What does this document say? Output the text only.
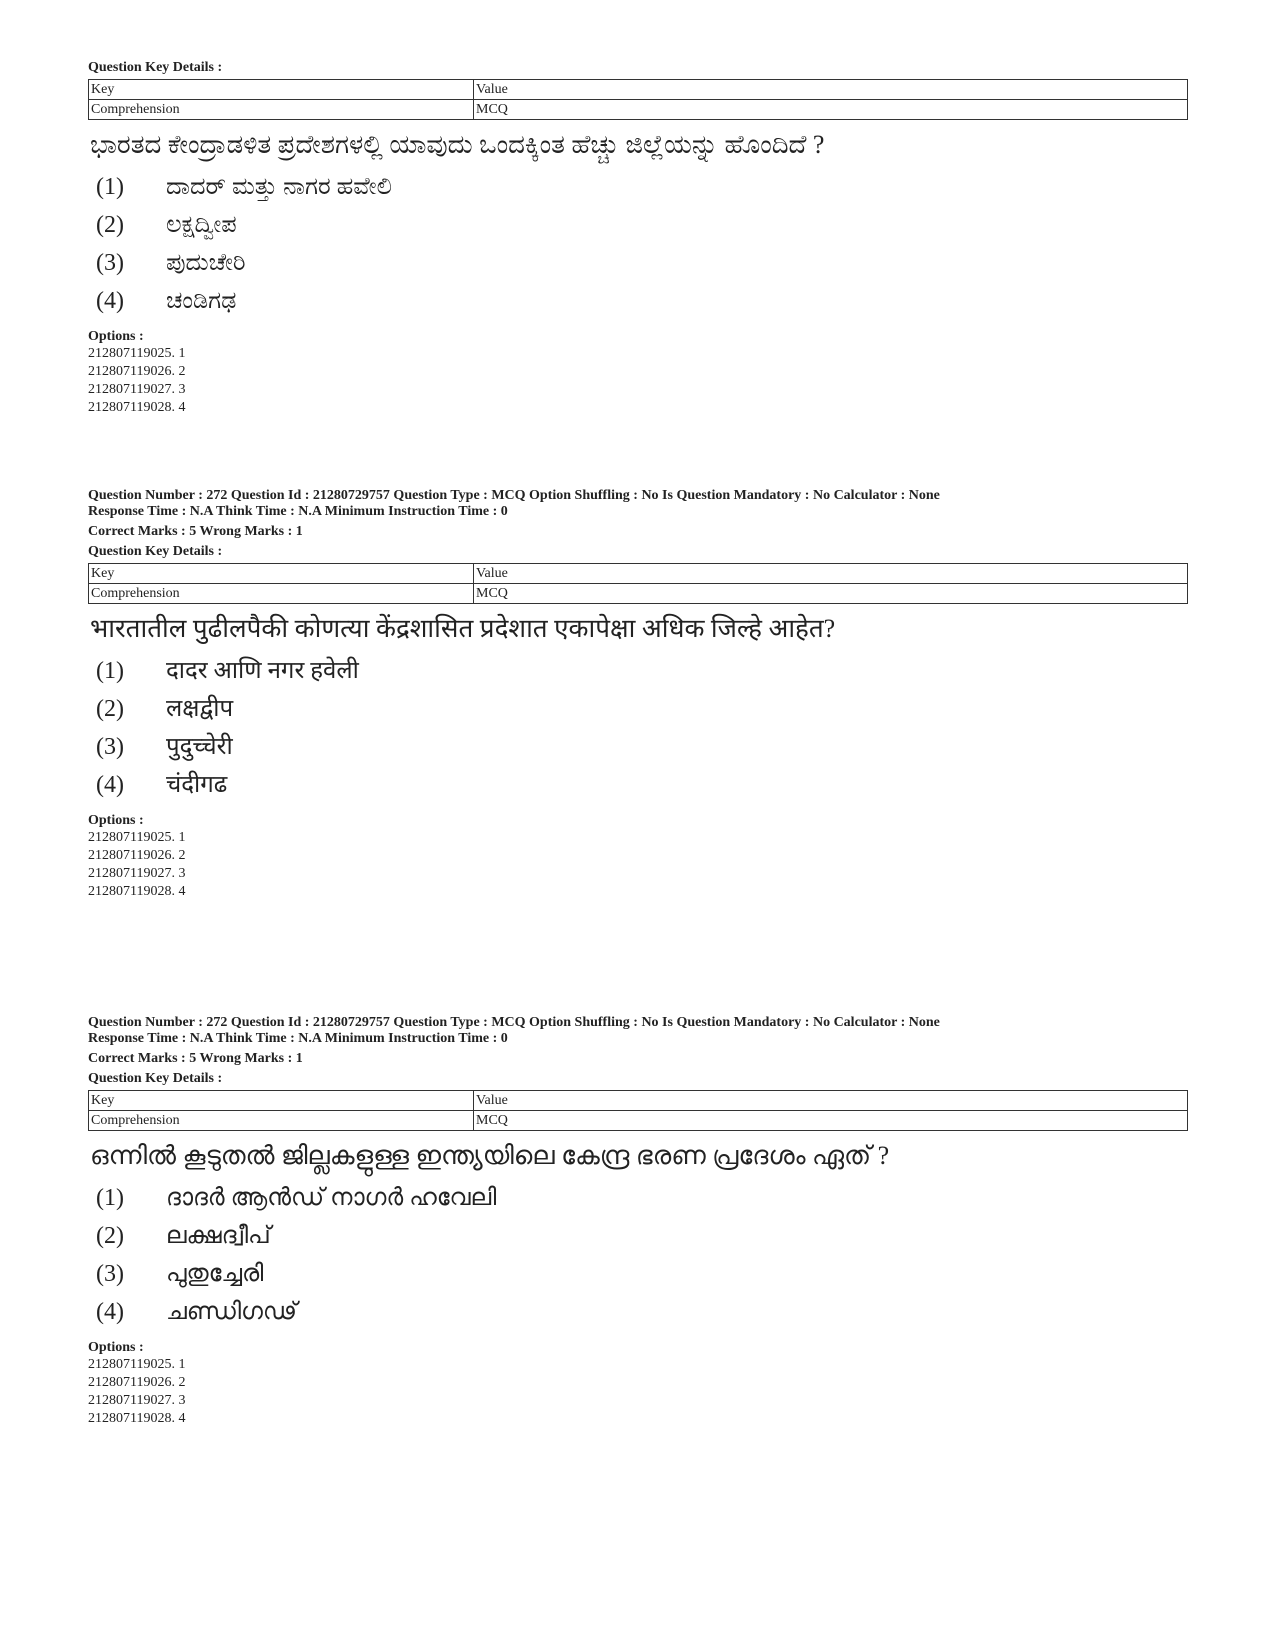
Question Key Details :

Key	Value
Comprehension	MCQ
ಭಾರತದ ಕೇಂದ್ರಾಡಳಿತ ಪ್ರದೇಶಗಳಲ್ಲಿ ಯಾವುದು ಒಂದಕ್ಕಿಂತ ಹೆಚ್ಚು ಜಿಲ್ಲೆಯನ್ನು ಹೊಂದಿದೆ ?
(1)	ದಾದರ್ ಮತ್ತು ನಾಗರ ಹವೇಲಿ
(2)	ಲಕ್ಷದ್ವೀಪ
(3)	ಪುದುಚೇರಿ
(4)	ಚಂಡಿಗಢ
Options :
212807119025. 1
212807119026. 2
212807119027. 3
212807119028. 4

Question Number : 272 Question Id : 21280729757 Question Type : MCQ Option Shuffling : No Is Question Mandatory : No Calculator : None

Response Time : N.A Think Time : N.A Minimum Instruction Time : 0

Correct Marks : 5 Wrong Marks : 1

Question Key Details :

Key	Value
Comprehension	MCQ
भारतातील पुढीलपैकी कोणत्या केंद्रशासित प्रदेशात एकापेक्षा अधिक जिल्हे आहेत?
(1)	दादर आणि नगर हवेली
(2)	लक्षद्वीप
(3)	पुदुच्चेरी
(4)	चंदीगढ
Options :
212807119025. 1
212807119026. 2
212807119027. 3
212807119028. 4

Question Number : 272 Question Id : 21280729757 Question Type : MCQ Option Shuffling : No Is Question Mandatory : No Calculator : None

Response Time : N.A Think Time : N.A Minimum Instruction Time : 0

Correct Marks : 5 Wrong Marks : 1

Question Key Details :

Key	Value
Comprehension	MCQ
ഒന്നിൽ കൂടുതൽ ജില്ലകളുള്ള ഇന്ത്യയിലെ കേന്ദ്ര ഭരണ പ്രദേശം ഏത് ?
(1)	ദാദർ ആൻഡ് നാഗർ ഹവേലി
(2)	ലക്ഷദ്വീപ്
(3)	പുതുച്ചേരി
(4)	ചണ്ഡിഗഢ്
Options :
212807119025. 1
212807119026. 2
212807119027. 3
212807119028. 4
